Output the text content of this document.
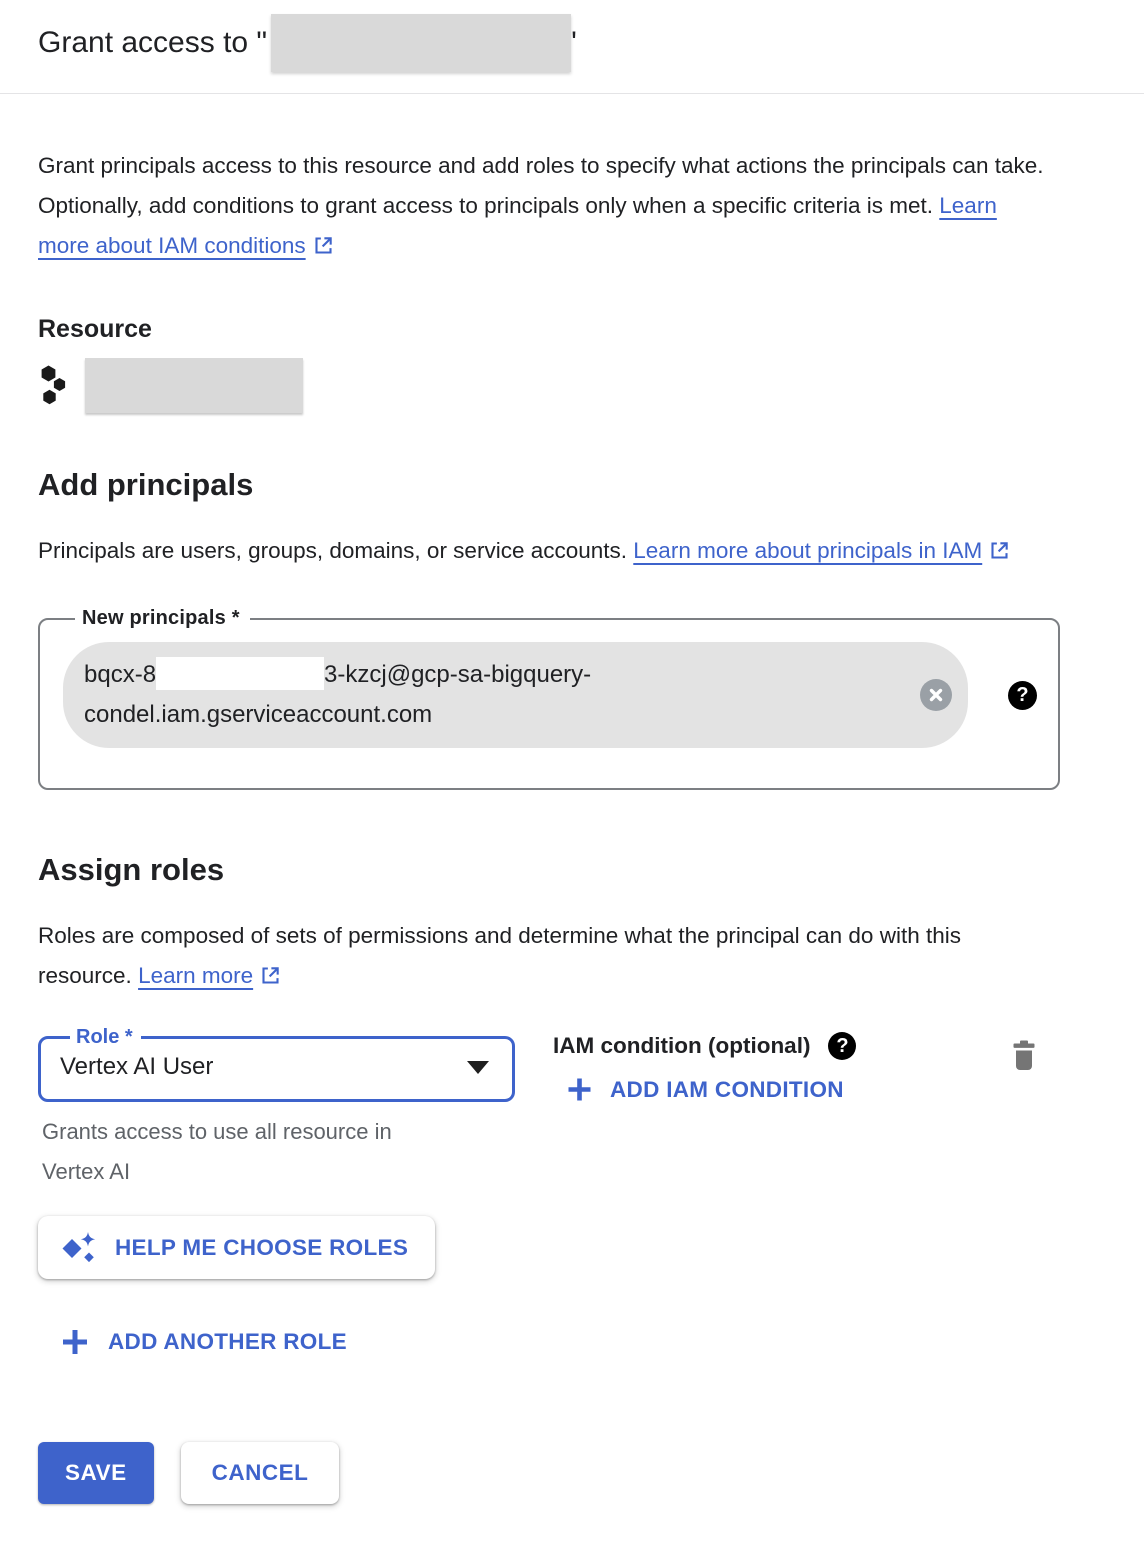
Grant access to "	'

Grant principals access to this resource and add roles to specify what actions the principals can take. Optionally, add conditions to grant access to principals only when a specific criteria is met. Learn more about IAM conditions

Resource
Add principals

Principals are users, groups, domains, or service accounts. Learn more about principals in IAM

New principals *
bqcx-8	3-kzcj@gcp-sa-bigquery-
condel.iam.gserviceaccount.com
?
Assign roles

Roles are composed of sets of permissions and determine what the principal can do with this resource. Learn more

Role *
Vertex AI User
Grants access to use all resource in Vertex AI
IAM condition (optional)	?
ADD IAM CONDITION
HELP ME CHOOSE ROLES
ADD ANOTHER ROLE
SAVE	CANCEL
